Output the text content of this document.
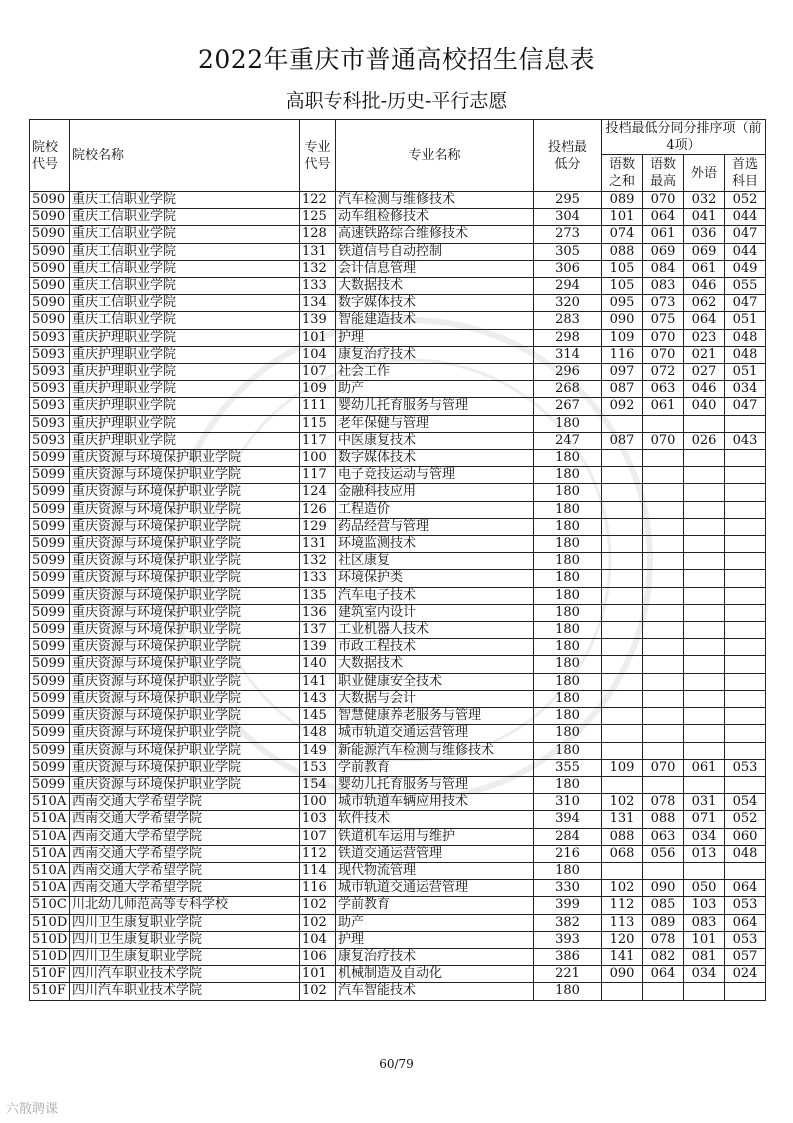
2022年重庆市普通高校招生信息表
高职专科批-历史-平行志愿
院校代号	院校名称	专业代号	专业名称	投档最低分	投档最低分同分排序项（前4项）			
					语数之和	语数最高	外语	首选科目
5090	重庆工信职业学院	122	汽车检测与维修技术	295	089	070	032	052
5090	重庆工信职业学院	125	动车组检修技术	304	101	064	041	044
5090	重庆工信职业学院	128	高速铁路综合维修技术	273	074	061	036	047
5090	重庆工信职业学院	131	铁道信号自动控制	305	088	069	069	044
5090	重庆工信职业学院	132	会计信息管理	306	105	084	061	049
5090	重庆工信职业学院	133	大数据技术	294	105	083	046	055
5090	重庆工信职业学院	134	数字媒体技术	320	095	073	062	047
5090	重庆工信职业学院	139	智能建造技术	283	090	075	064	051
5093	重庆护理职业学院	101	护理	298	109	070	023	048
5093	重庆护理职业学院	104	康复治疗技术	314	116	070	021	048
5093	重庆护理职业学院	107	社会工作	296	097	072	027	051
5093	重庆护理职业学院	109	助产	268	087	063	046	034
5093	重庆护理职业学院	111	婴幼儿托育服务与管理	267	092	061	040	047
5093	重庆护理职业学院	115	老年保健与管理	180				
5093	重庆护理职业学院	117	中医康复技术	247	087	070	026	043
5099	重庆资源与环境保护职业学院	100	数字媒体技术	180				
5099	重庆资源与环境保护职业学院	117	电子竞技运动与管理	180				
5099	重庆资源与环境保护职业学院	124	金融科技应用	180				
5099	重庆资源与环境保护职业学院	126	工程造价	180				
5099	重庆资源与环境保护职业学院	129	药品经营与管理	180				
5099	重庆资源与环境保护职业学院	131	环境监测技术	180				
5099	重庆资源与环境保护职业学院	132	社区康复	180				
5099	重庆资源与环境保护职业学院	133	环境保护类	180				
5099	重庆资源与环境保护职业学院	135	汽车电子技术	180				
5099	重庆资源与环境保护职业学院	136	建筑室内设计	180				
5099	重庆资源与环境保护职业学院	137	工业机器人技术	180				
5099	重庆资源与环境保护职业学院	139	市政工程技术	180				
5099	重庆资源与环境保护职业学院	140	大数据技术	180				
5099	重庆资源与环境保护职业学院	141	职业健康安全技术	180				
5099	重庆资源与环境保护职业学院	143	大数据与会计	180				
5099	重庆资源与环境保护职业学院	145	智慧健康养老服务与管理	180				
5099	重庆资源与环境保护职业学院	148	城市轨道交通运营管理	180				
5099	重庆资源与环境保护职业学院	149	新能源汽车检测与维修技术	180				
5099	重庆资源与环境保护职业学院	153	学前教育	355	109	070	061	053
5099	重庆资源与环境保护职业学院	154	婴幼儿托育服务与管理	180				
510A	西南交通大学希望学院	100	城市轨道车辆应用技术	310	102	078	031	054
510A	西南交通大学希望学院	103	软件技术	394	131	088	071	052
510A	西南交通大学希望学院	107	铁道机车运用与维护	284	088	063	034	060
510A	西南交通大学希望学院	112	铁道交通运营管理	216	068	056	013	048
510A	西南交通大学希望学院	114	现代物流管理	180				
510A	西南交通大学希望学院	116	城市轨道交通运营管理	330	102	090	050	064
510C	川北幼儿师范高等专科学校	102	学前教育	399	112	085	103	053
510D	四川卫生康复职业学院	102	助产	382	113	089	083	064
510D	四川卫生康复职业学院	104	护理	393	120	078	101	053
510D	四川卫生康复职业学院	106	康复治疗技术	386	141	082	081	057
510F	四川汽车职业技术学院	101	机械制造及自动化	221	090	064	034	024
510F	四川汽车职业技术学院	102	汽车智能技术	180				
60/79
六散聘课
